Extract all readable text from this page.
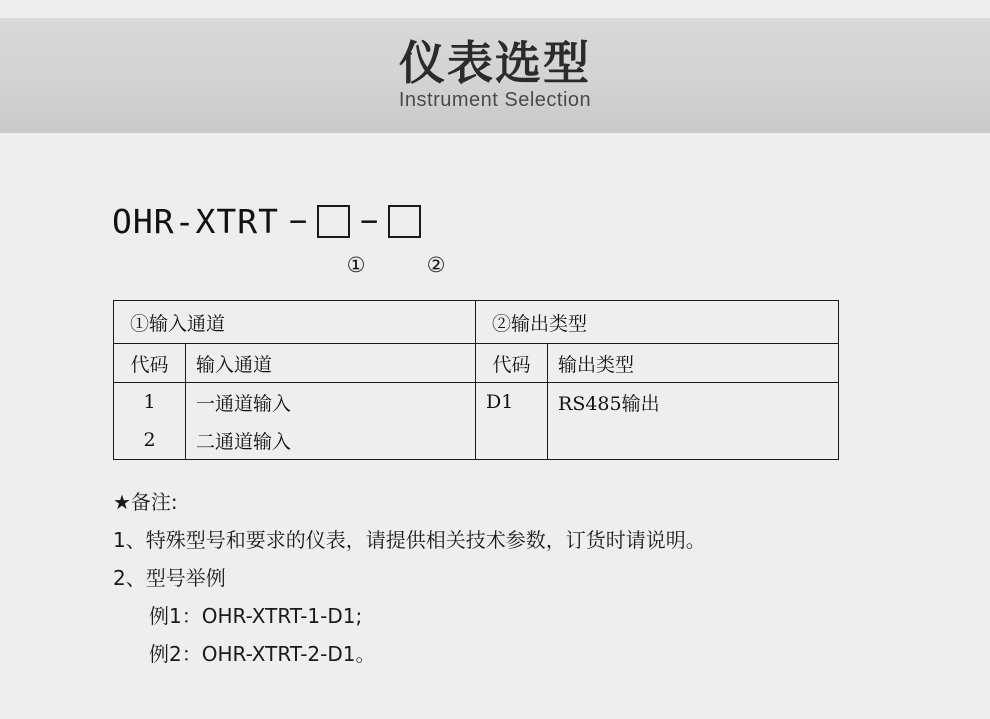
仪表选型
Instrument Selection
OHR-XTRT − −
①	②
①输入通道		②输出类型	
代码	输入通道	代码	输出类型
1	一通道输入	D1	RS485输出
2	二通道输入		
★备注:
1、特殊型号和要求的仪表，请提供相关技术参数，订货时请说明。
2、型号举例
例1：OHR-XTRT-1-D1;
例2：OHR-XTRT-2-D1。
